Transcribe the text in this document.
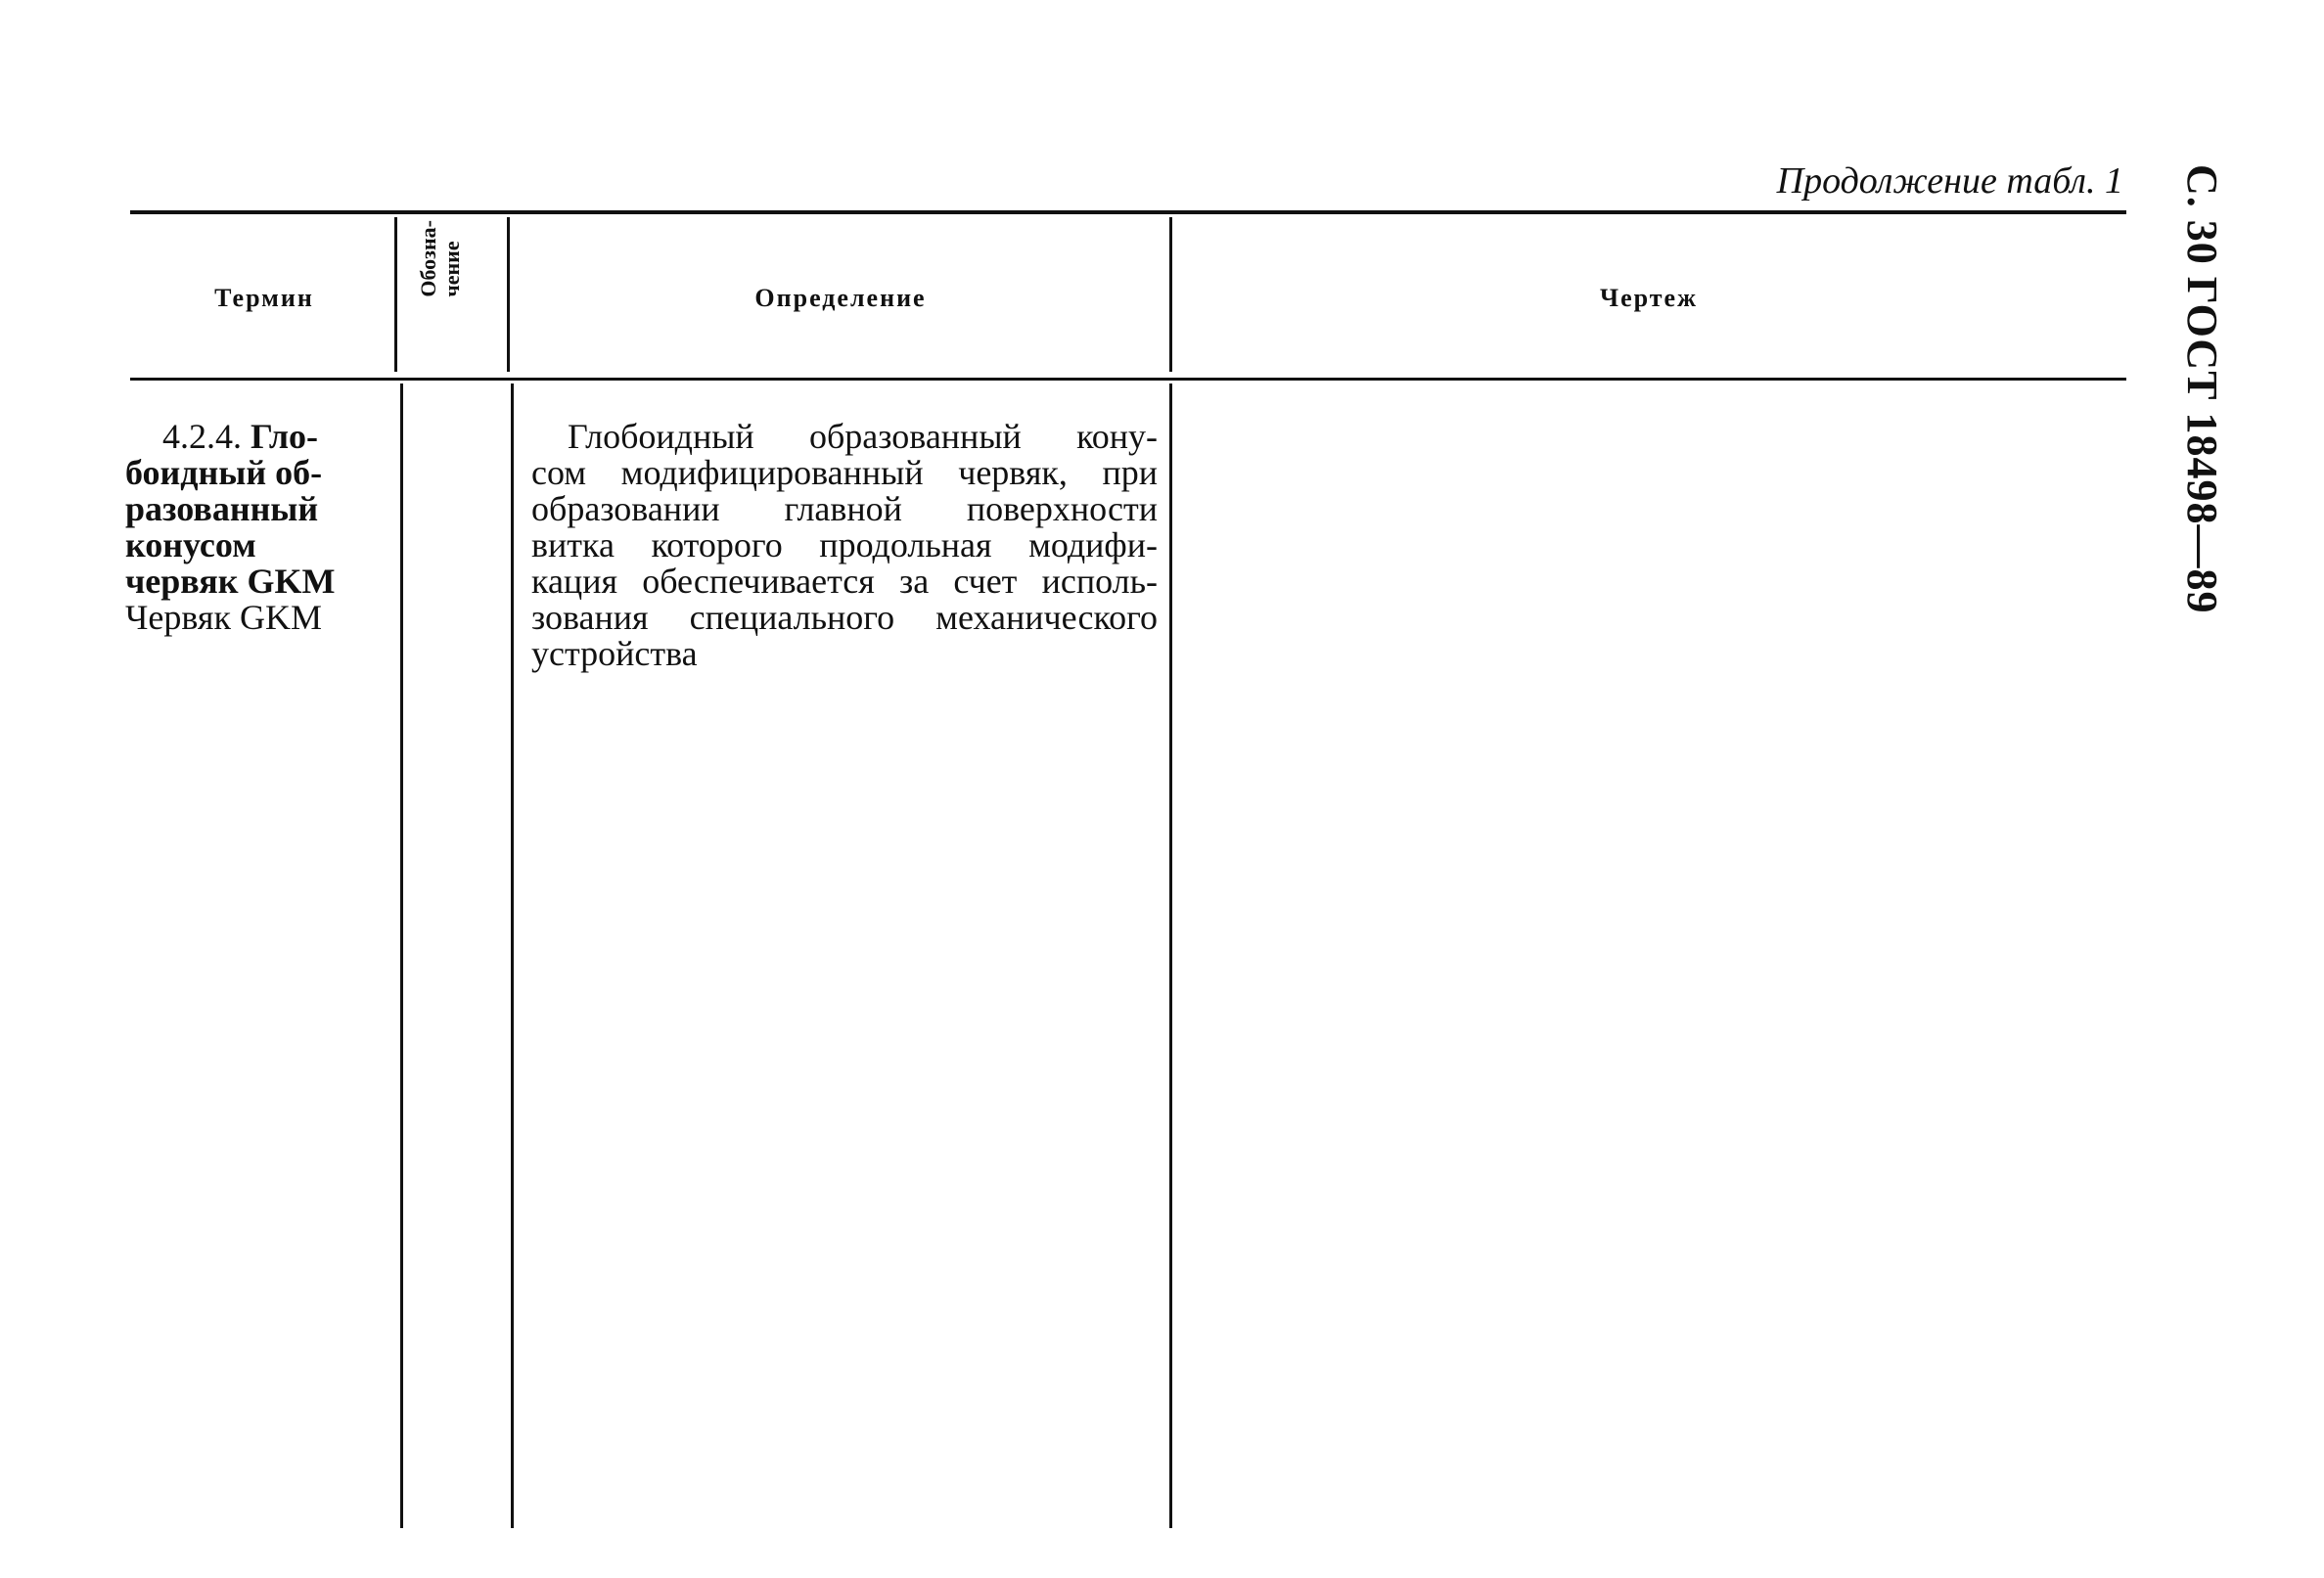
Продолжение табл. 1 С. 30 ГОСТ 18498—89
Термин
Обозна-
чение
Определение	Чертеж
4.2.4. Гло-
боидный об-
разованный
конусом
червяк GKM
Червяк GKM
Глобоидный образованный кону-
сом модифицированный червяк, при
образовании главной поверхности
витка которого продольная модифи-
кация обеспечивается за счет исполь-
зования специального механического
устройства
